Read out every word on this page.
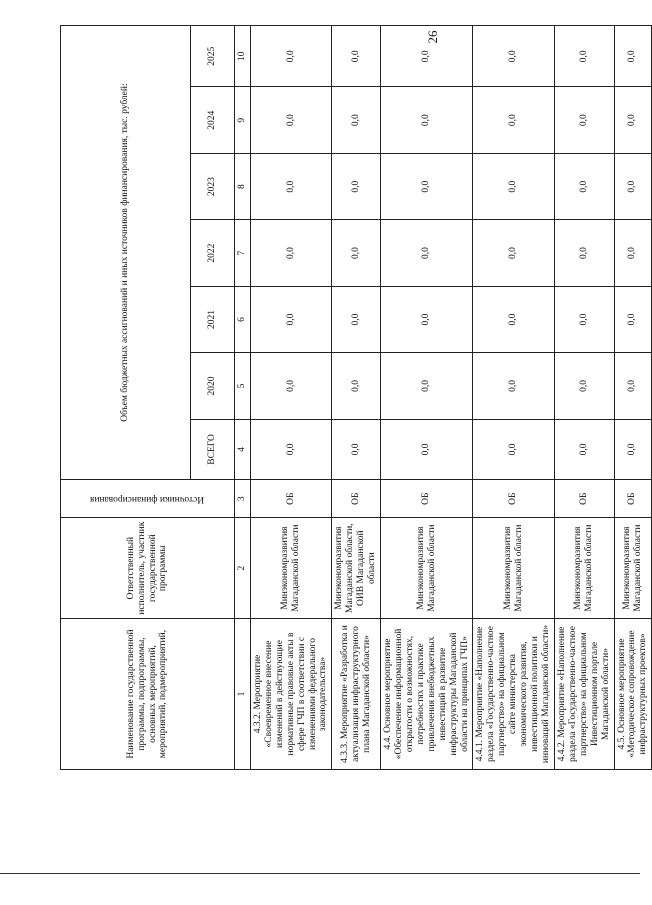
26
Наименование государственной программы, подпрограммы, основных мероприятий, мероприятий, подмероприятий,	Ответственный исполнитель, участник государственной программы	Источники финансирования	Объем бюджетных ассигнований и иных источников финансирования, тыс. рублей:						
			ВСЕГО	2020	2021	2022	2023	2024	2025
1	2	3	4	5	6	7	8	9	10
4.3.2. Мероприятие «Своевременное внесение изменений в действующие нормативные правовые акты в сфере ГЧП в соответствии с изменениями федерального законодательства»	Минэкономразвития Магаданской области	ОБ	0,0	0,0	0,0	0,0	0,0	0,0	0,0
4.3.3. Мероприятие «Разработка и актуализация инфраструктурного плана Магаданской области»	Минэкономразвития Магаданской области, ОИВ Магаданской области	ОБ	0,0	0,0	0,0	0,0	0,0	0,0	0,0
4.4. Основное мероприятие «Обеспечение информационной открытости о возможностях, потребностях и практике привлечения внебюджетных инвестиций в развитие инфраструктуры Магаданской области на принципах ГЧП»	Минэкономразвития Магаданской области	ОБ	0,0	0,0	0,0	0,0	0,0	0,0	0,0
4.4.1. Мероприятие «Наполнение раздела «Государственно-частное партнерство» на официальном сайте министерства экономического развития, инвестиционной политики и инноваций Магаданской области»	Минэкономразвития Магаданской области	ОБ	0,0	0,0	0,0	0,0	0,0	0,0	0,0
4.4.2. Мероприятие «Наполнение раздела «Государственно-частное партнерство» на официальном Инвестиционном портале Магаданской области»	Минэкономразвития Магаданской области	ОБ	0,0	0,0	0,0	0,0	0,0	0,0	0,0
4.5. Основное мероприятие «Методическое сопровождение инфраструктурных проектов»	Минэкономразвития Магаданской области	ОБ	0,0	0,0	0,0	0,0	0,0	0,0	0,0
